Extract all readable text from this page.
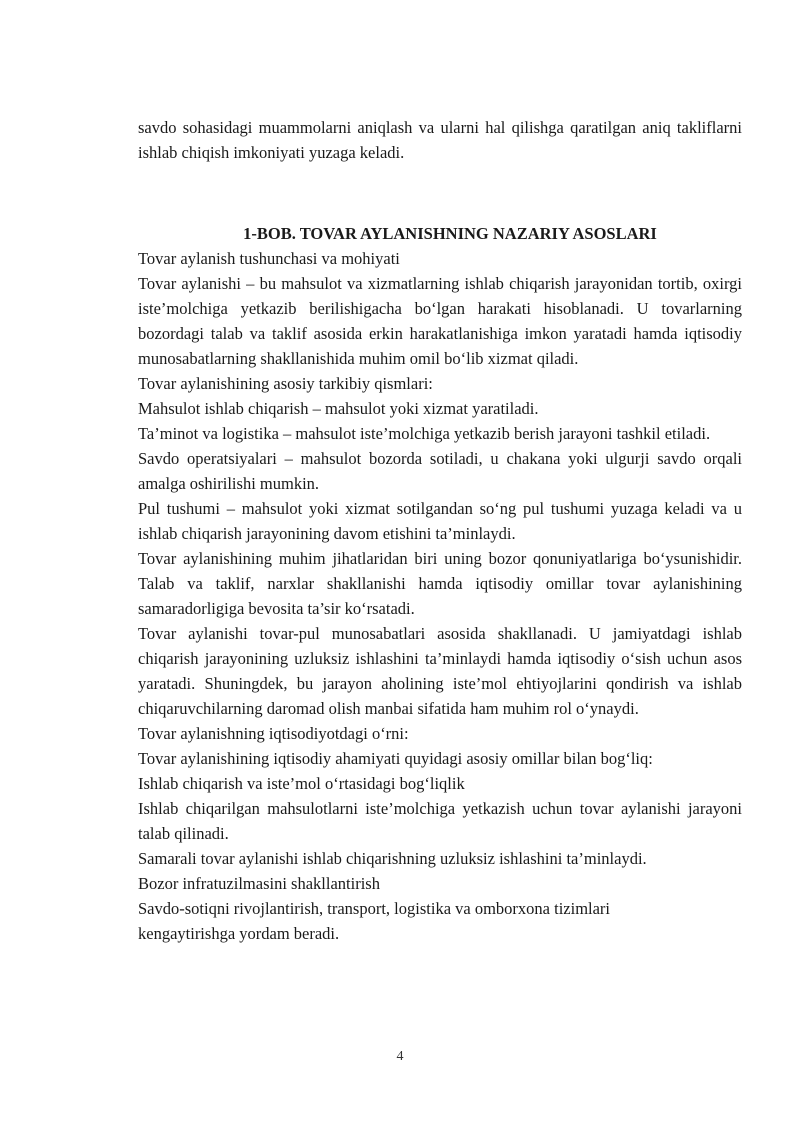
savdo sohasidagi muammolarni aniqlash va ularni hal qilishga qaratilgan aniq takliflarni ishlab chiqish imkoniyati yuzaga keladi.

1-BOB. TOVAR AYLANISHNING NAZARIY ASOSLARI

Tovar aylanish tushunchasi va mohiyati

Tovar aylanishi – bu mahsulot va xizmatlarning ishlab chiqarish jarayonidan tortib, oxirgi iste’molchiga yetkazib berilishigacha bo‘lgan harakati hisoblanadi. U tovarlarning bozordagi talab va taklif asosida erkin harakatlanishiga imkon yaratadi hamda iqtisodiy munosabatlarning shakllanishida muhim omil bo‘lib xizmat qiladi.

Tovar aylanishining asosiy tarkibiy qismlari:

Mahsulot ishlab chiqarish – mahsulot yoki xizmat yaratiladi.

Ta’minot va logistika – mahsulot iste’molchiga yetkazib berish jarayoni tashkil etiladi.

Savdo operatsiyalari – mahsulot bozorda sotiladi, u chakana yoki ulgurji savdo orqali amalga oshirilishi mumkin.

Pul tushumi – mahsulot yoki xizmat sotilgandan so‘ng pul tushumi yuzaga keladi va u ishlab chiqarish jarayonining davom etishini ta’minlaydi.

Tovar aylanishining muhim jihatlaridan biri uning bozor qonuniyatlariga bo‘ysunishidir. Talab va taklif, narxlar shakllanishi hamda iqtisodiy omillar tovar aylanishining samaradorligiga bevosita ta’sir ko‘rsatadi.

Tovar aylanishi tovar-pul munosabatlari asosida shakllanadi. U jamiyatdagi ishlab chiqarish jarayonining uzluksiz ishlashini ta’minlaydi hamda iqtisodiy o‘sish uchun asos yaratadi. Shuningdek, bu jarayon aholining iste’mol ehtiyojlarini qondirish va ishlab chiqaruvchilarning daromad olish manbai sifatida ham muhim rol o‘ynaydi.

Tovar aylanishning iqtisodiyotdagi o‘rni:

Tovar aylanishining iqtisodiy ahamiyati quyidagi asosiy omillar bilan bog‘liq:

Ishlab chiqarish va iste’mol o‘rtasidagi bog‘liqlik

Ishlab chiqarilgan mahsulotlarni iste’molchiga yetkazish uchun tovar aylanishi jarayoni talab qilinadi.

Samarali tovar aylanishi ishlab chiqarishning uzluksiz ishlashini ta’minlaydi.

Bozor infratuzilmasini shakllantirish

Savdo-sotiqni rivojlantirish, transport, logistika va omborxona tizimlari kengaytirishga yordam beradi.

4
